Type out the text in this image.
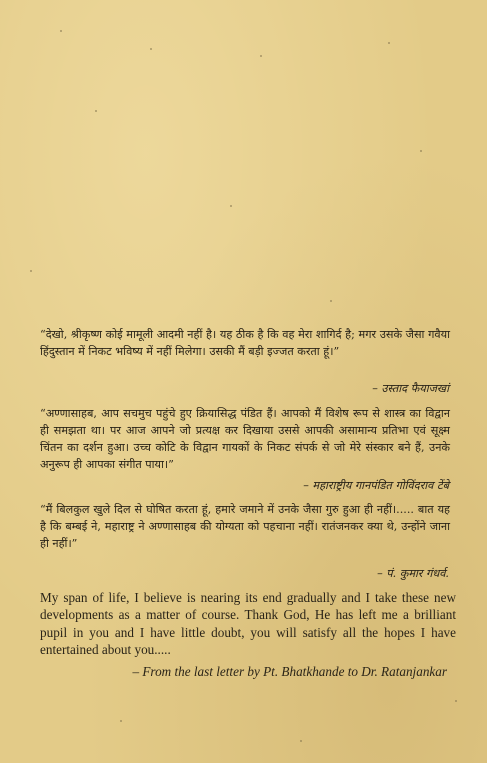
“देखो, श्रीकृष्ण कोई मामूली आदमी नहीं है। यह ठीक है कि वह मेरा शागिर्द है; मगर उसके जैसा गवैया हिंदुस्तान में निकट भविष्य में नहीं मिलेगा। उसकी मैं बड़ी इज्जत करता हूं।”
– उस्ताद फैयाजखां
“अण्णासाहब, आप सचमुच पहुंचे हुए क्रियासिद्ध पंडित हैं। आपको मैं विशेष रूप से शास्त्र का विद्वान ही समझता था। पर आज आपने जो प्रत्यक्ष कर दिखाया उससे आपकी असामान्य प्रतिभा एवं सूक्ष्म चिंतन का दर्शन हुआ। उच्च कोटि के विद्वान गायकों के निकट संपर्क से जो मेरे संस्कार बने हैं, उनके अनुरूप ही आपका संगीत पाया।”
– महाराष्ट्रीय गानपंडित गोविंदराव टेंबे
“मैं बिलकुल खुले दिल से घोषित करता हूं, हमारे जमाने में उनके जैसा गुरु हुआ ही नहीं।..... बात यह है कि बम्बई ने, महाराष्ट्र ने अण्णासाहब की योग्यता को पहचाना नहीं। रातंजनकर क्या थे, उन्होंने जाना ही नहीं।”
– पं. कुमार गंधर्व.
My span of life, I believe is nearing its end gradually and I take these new developments as a matter of course. Thank God, He has left me a brilliant pupil in you and I have little doubt, you will satisfy all the hopes I have entertained about you.....
– From the last letter by Pt. Bhatkhande to Dr. Ratanjankar
